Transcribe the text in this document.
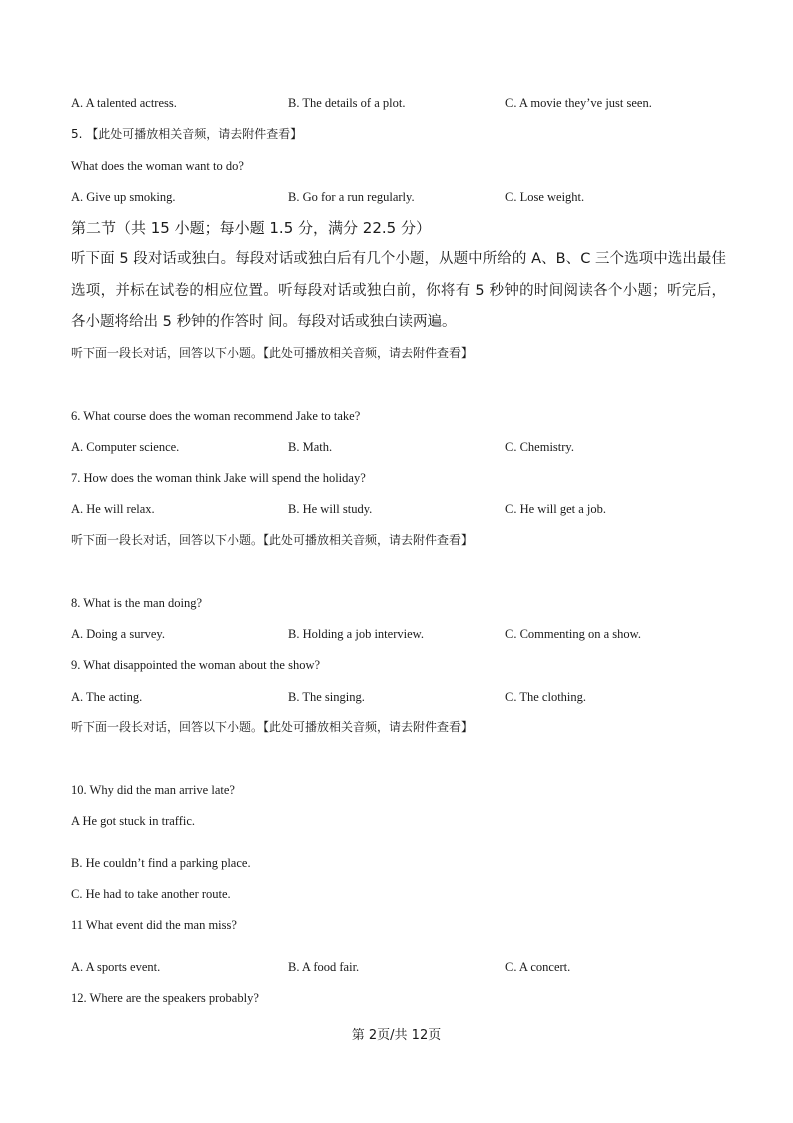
A. A talented actress.	B. The details of a plot.	C. A movie they’ve just seen.
5. 【此处可播放相关音频，请去附件查看】
What does the woman want to do?
A. Give up smoking.	B. Go for a run regularly.	C. Lose weight.
第二节（共 15 小题；每小题 1.5 分，满分 22.5 分）
听下面 5 段对话或独白。每段对话或独白后有几个小题，从题中所给的 A、B、C 三个选项中选出最佳选项，并标在试卷的相应位置。听每段对话或独白前，你将有 5 秒钟的时间阅读各个小题；听完后，各小题将给出 5 秒钟的作答时 间。每段对话或独白读两遍。
听下面一段长对话，回答以下小题。【此处可播放相关音频，请去附件查看】
6. What course does the woman recommend Jake to take?
A. Computer science.	B. Math.	C. Chemistry.
7. How does the woman think Jake will spend the holiday?
A. He will relax.	B. He will study.	C. He will get a job.
听下面一段长对话，回答以下小题。【此处可播放相关音频，请去附件查看】
8. What is the man doing?
A. Doing a survey.	B. Holding a job interview.	C. Commenting on a show.
9. What disappointed the woman about the show?
A. The acting.	B. The singing.	C. The clothing.
听下面一段长对话，回答以下小题。【此处可播放相关音频，请去附件查看】
10. Why did the man arrive late?
A He got stuck in traffic.
B. He couldn’t find a parking place.
C. He had to take another route.
11 What event did the man miss?
A. A sports event.	B. A food fair.	C. A concert.
12. Where are the speakers probably?
第 2页/共 12页
